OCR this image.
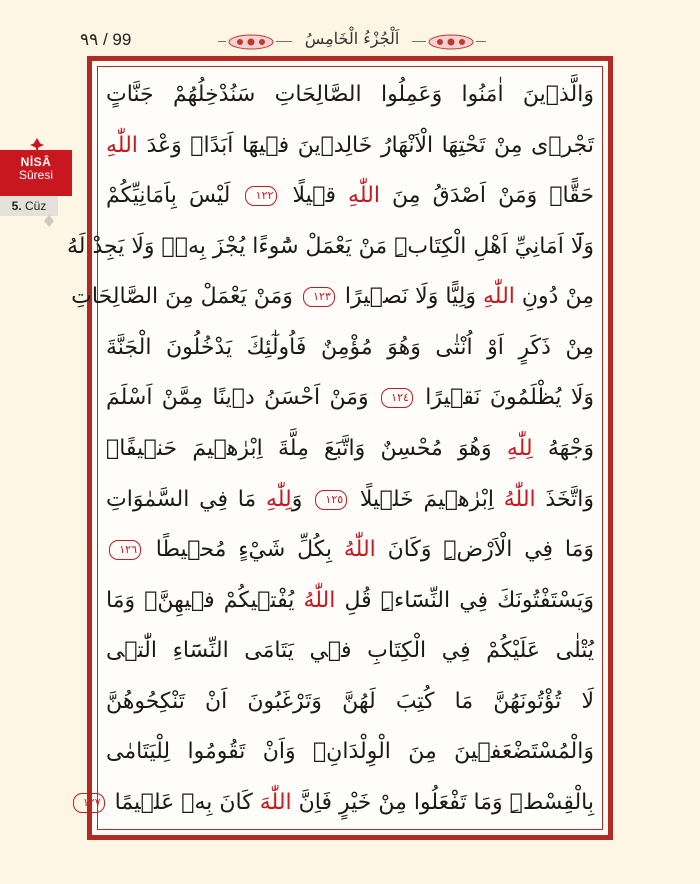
٩٩ / 99	اَلْجُزْءُ الْخَامِسُ
NİSÂ
Sûresi
5. Cüz
وَالَّذٖينَ اٰمَنُوا وَعَمِلُوا الصَّالِحَاتِ سَنُدْخِلُهُمْ جَنَّاتٍ
تَجْرٖى مِنْ تَحْتِهَا الْاَنْهَارُ خَالِدٖينَ فٖيهَٓا اَبَدًاۜ وَعْدَ اللّٰهِ
حَقًّاۜ وَمَنْ اَصْدَقُ مِنَ اللّٰهِ قٖيلًا ١٢٢ لَيْسَ بِاَمَانِيِّكُمْ
وَلَٓا اَمَانِيِّ اَهْلِ الْكِتَابِۜ مَنْ يَعْمَلْ سُٓوءًا يُجْزَ بِهٖۙ وَلَا يَجِدْ لَهُ
مِنْ دُونِ اللّٰهِ وَلِيًّا وَلَا نَصٖيرًا ١٢٣ وَمَنْ يَعْمَلْ مِنَ الصَّالِحَاتِ
مِنْ ذَكَرٍ اَوْ اُنْثٰى وَهُوَ مُؤْمِنٌ فَاُولٰٓئِكَ يَدْخُلُونَ الْجَنَّةَ
وَلَا يُظْلَمُونَ نَقٖيرًا ١٢٤ وَمَنْ اَحْسَنُ دٖينًا مِمَّنْ اَسْلَمَ
وَجْهَهُ لِلّٰهِ وَهُوَ مُحْسِنٌ وَاتَّبَعَ مِلَّةَ اِبْرٰهٖيمَ حَنٖيفًاۜ
وَاتَّخَذَ اللّٰهُ اِبْرٰهٖيمَ خَلٖيلًا ١٢٥ وَلِلّٰهِ مَا فِي السَّمٰوَاتِ
وَمَا فِي الْاَرْضِۜ وَكَانَ اللّٰهُ بِكُلِّ شَيْءٍ مُحٖيطًا ١٢٦
وَيَسْتَفْتُونَكَ فِي النِّسَٓاءِۜ قُلِ اللّٰهُ يُفْتٖيكُمْ فٖيهِنَّۙ وَمَا
يُتْلٰى عَلَيْكُمْ فِي الْكِتَابِ فٖي يَتَامَى النِّسَٓاءِ الّٰتٖى
لَا تُؤْتُونَهُنَّ مَا كُتِبَ لَهُنَّ وَتَرْغَبُونَ اَنْ تَنْكِحُوهُنَّ
وَالْمُسْتَضْعَفٖينَ مِنَ الْوِلْدَانِۙ وَاَنْ تَقُومُوا لِلْيَتَامٰى
بِالْقِسْطِۜ وَمَا تَفْعَلُوا مِنْ خَيْرٍ فَاِنَّ اللّٰهَ كَانَ بِهٖ عَلٖيمًا ١٢٧
